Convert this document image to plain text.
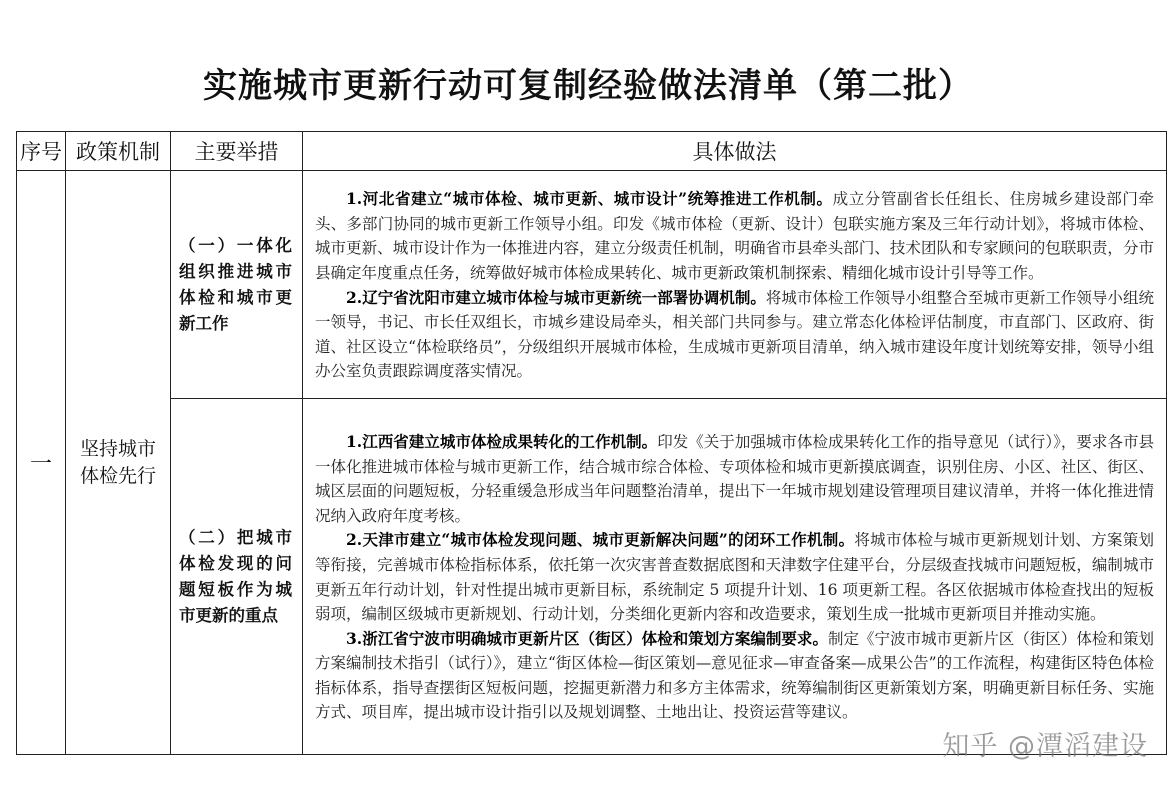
实施城市更新行动可复制经验做法清单（第二批）
序号	政策机制	主要举措	具体做法
一	坚持城市体检先行	（一）一体化组织推进城市体检和城市更新工作	1.河北省建立“城市体检、城市更新、城市设计”统筹推进工作机制。成立分管副省长任组长、住房城乡建设部门牵头、多部门协同的城市更新工作领导小组。印发《城市体检（更新、设计）包联实施方案及三年行动计划》，将城市体检、城市更新、城市设计作为一体推进内容，建立分级责任机制，明确省市县牵头部门、技术团队和专家顾问的包联职责，分市县确定年度重点任务，统筹做好城市体检成果转化、城市更新政策机制探索、精细化城市设计引导等工作。

2.辽宁省沈阳市建立城市体检与城市更新统一部署协调机制。将城市体检工作领导小组整合至城市更新工作领导小组统一领导，书记、市长任双组长，市城乡建设局牵头，相关部门共同参与。建立常态化体检评估制度，市直部门、区政府、街道、社区设立“体检联络员”，分级组织开展城市体检，生成城市更新项目清单，纳入城市建设年度计划统筹安排，领导小组办公室负责跟踪调度落实情况。

		（二）把城市体检发现的问题短板作为城市更新的重点	1.江西省建立城市体检成果转化的工作机制。印发《关于加强城市体检成果转化工作的指导意见（试行）》，要求各市县一体化推进城市体检与城市更新工作，结合城市综合体检、专项体检和城市更新摸底调查，识别住房、小区、社区、街区、城区层面的问题短板，分轻重缓急形成当年问题整治清单，提出下一年城市规划建设管理项目建议清单，并将一体化推进情况纳入政府年度考核。

2.天津市建立“城市体检发现问题、城市更新解决问题”的闭环工作机制。将城市体检与城市更新规划计划、方案策划等衔接，完善城市体检指标体系，依托第一次灾害普查数据底图和天津数字住建平台，分层级查找城市问题短板，编制城市更新五年行动计划，针对性提出城市更新目标，系统制定 5 项提升计划、16 项更新工程。各区依据城市体检查找出的短板弱项，编制区级城市更新规划、行动计划，分类细化更新内容和改造要求，策划生成一批城市更新项目并推动实施。

3.浙江省宁波市明确城市更新片区（街区）体检和策划方案编制要求。制定《宁波市城市更新片区（街区）体检和策划方案编制技术指引（试行）》，建立“街区体检—街区策划—意见征求—审查备案—成果公告”的工作流程，构建街区特色体检指标体系，指导查摆街区短板问题，挖掘更新潜力和多方主体需求，统筹编制街区更新策划方案，明确更新目标任务、实施方式、项目库，提出城市设计指引以及规划调整、土地出让、投资运营等建议。

知乎 @潭滔建设
